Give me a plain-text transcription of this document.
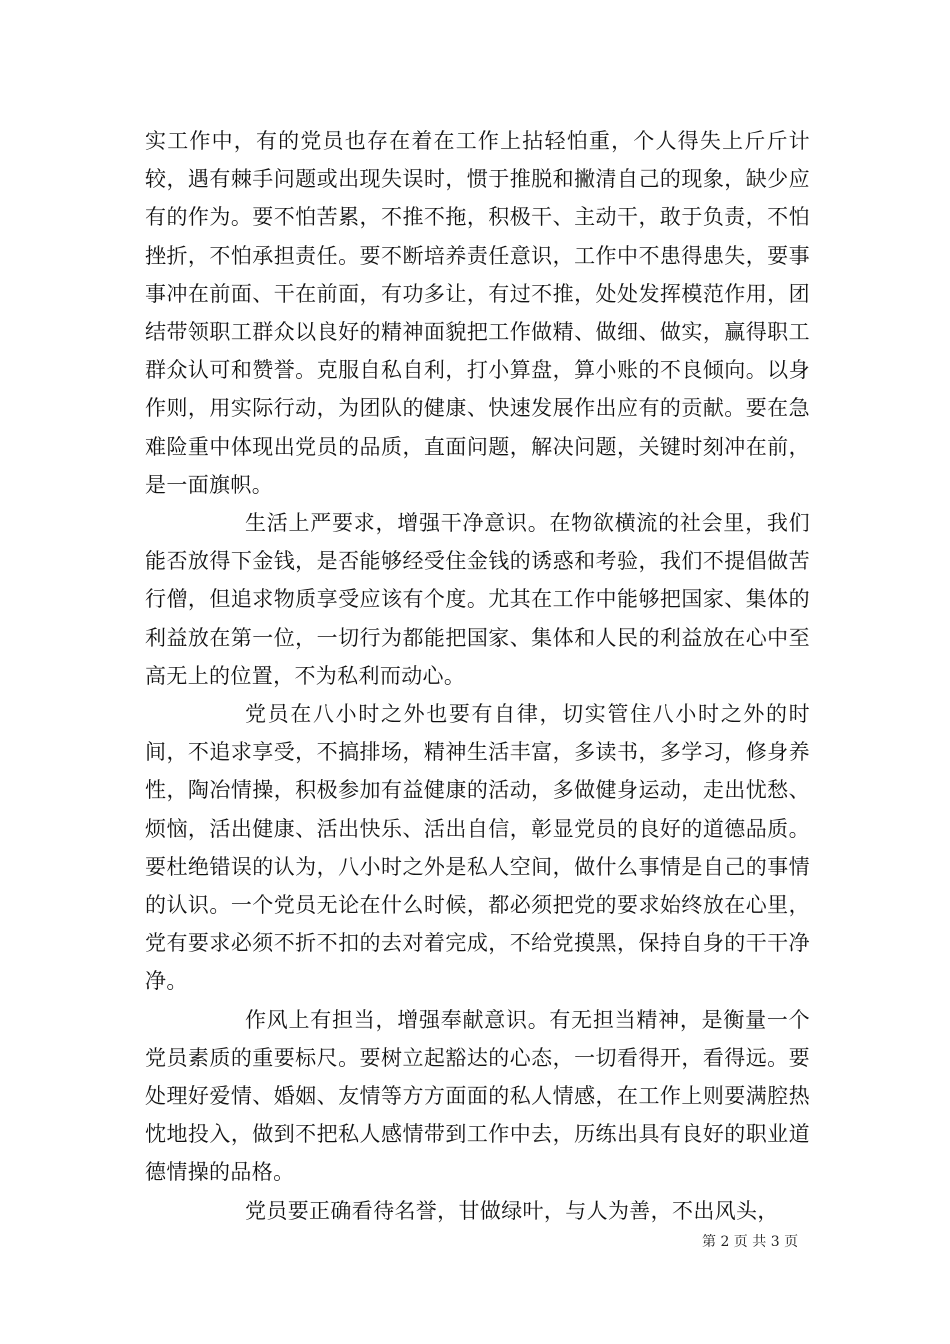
实工作中，有的党员也存在着在工作上拈轻怕重，个人得失上斤斤计较，遇有棘手问题或出现失误时，惯于推脱和撇清自己的现象，缺少应有的作为。要不怕苦累，不推不拖，积极干、主动干，敢于负责，不怕挫折，不怕承担责任。要不断培养责任意识，工作中不患得患失，要事事冲在前面、干在前面，有功多让，有过不推，处处发挥模范作用，团结带领职工群众以良好的精神面貌把工作做精、做细、做实，赢得职工群众认可和赞誉。克服自私自利，打小算盘，算小账的不良倾向。以身作则，用实际行动，为团队的健康、快速发展作出应有的贡献。要在急难险重中体现出党员的品质，直面问题，解决问题，关键时刻冲在前，是一面旗帜。

生活上严要求，增强干净意识。在物欲横流的社会里，我们能否放得下金钱，是否能够经受住金钱的诱惑和考验，我们不提倡做苦行僧，但追求物质享受应该有个度。尤其在工作中能够把国家、集体的利益放在第一位，一切行为都能把国家、集体和人民的利益放在心中至高无上的位置，不为私利而动心。

党员在八小时之外也要有自律，切实管住八小时之外的时间，不追求享受，不搞排场，精神生活丰富，多读书，多学习，修身养性，陶冶情操，积极参加有益健康的活动，多做健身运动，走出忧愁、烦恼，活出健康、活出快乐、活出自信，彰显党员的良好的道德品质。要杜绝错误的认为，八小时之外是私人空间，做什么事情是自己的事情的认识。一个党员无论在什么时候，都必须把党的要求始终放在心里，党有要求必须不折不扣的去对着完成，不给党摸黑，保持自身的干干净净。

作风上有担当，增强奉献意识。有无担当精神，是衡量一个党员素质的重要标尺。要树立起豁达的心态，一切看得开，看得远。要处理好爱情、婚姻、友情等方方面面的私人情感，在工作上则要满腔热忱地投入，做到不把私人感情带到工作中去，历练出具有良好的职业道德情操的品格。

党员要正确看待名誉，甘做绿叶，与人为善，不出风头，

第 2 页 共 3 页
